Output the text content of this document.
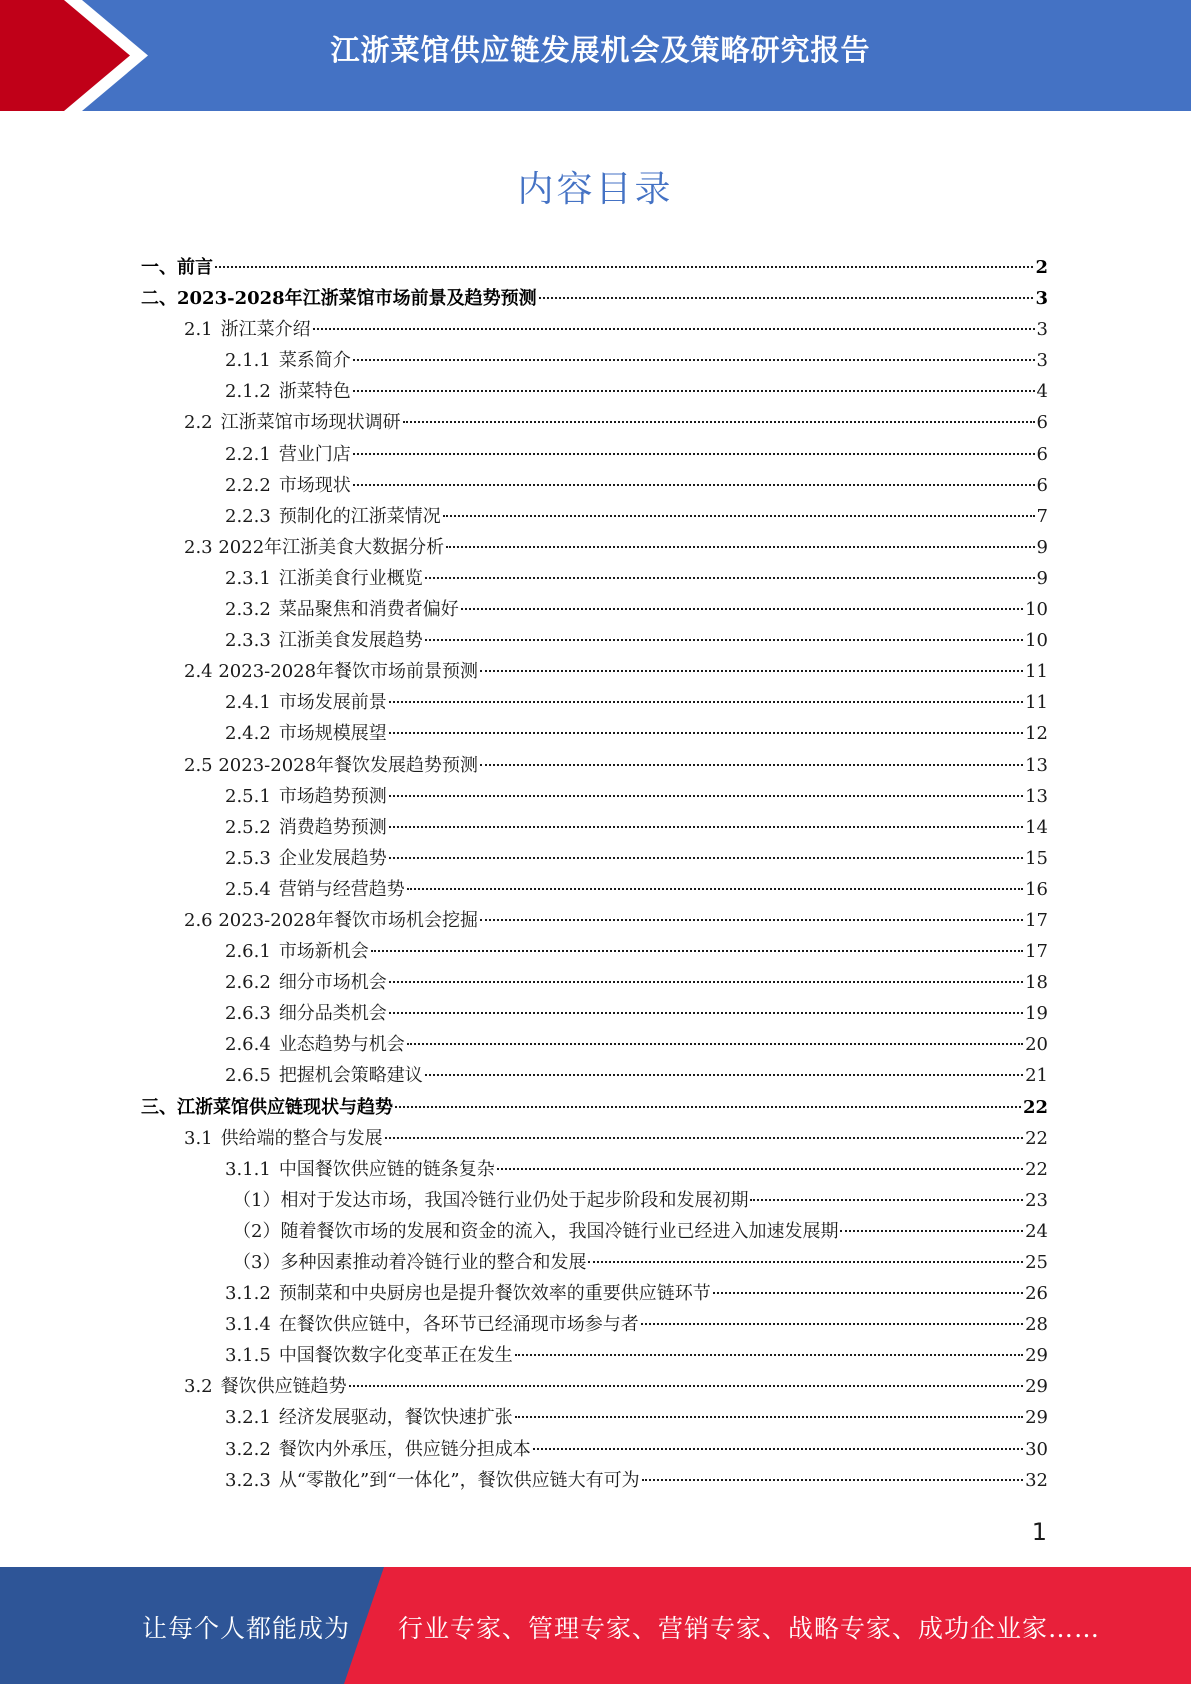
江浙菜馆供应链发展机会及策略研究报告
内容目录
一、前言	2
二、2023-2028年江浙菜馆市场前景及趋势预测	3
2.1 浙江菜介绍	3
2.1.1 菜系简介	3
2.1.2 浙菜特色	4
2.2 江浙菜馆市场现状调研	6
2.2.1 营业门店	6
2.2.2 市场现状	6
2.2.3 预制化的江浙菜情况	7
2.3 2022年江浙美食大数据分析	9
2.3.1 江浙美食行业概览	9
2.3.2 菜品聚焦和消费者偏好	10
2.3.3 江浙美食发展趋势	10
2.4 2023-2028年餐饮市场前景预测	11
2.4.1 市场发展前景	11
2.4.2 市场规模展望	12
2.5 2023-2028年餐饮发展趋势预测	13
2.5.1 市场趋势预测	13
2.5.2 消费趋势预测	14
2.5.3 企业发展趋势	15
2.5.4 营销与经营趋势	16
2.6 2023-2028年餐饮市场机会挖掘	17
2.6.1 市场新机会	17
2.6.2 细分市场机会	18
2.6.3 细分品类机会	19
2.6.4 业态趋势与机会	20
2.6.5 把握机会策略建议	21
三、江浙菜馆供应链现状与趋势	22
3.1 供给端的整合与发展	22
3.1.1 中国餐饮供应链的链条复杂	22
（1）相对于发达市场，我国冷链行业仍处于起步阶段和发展初期	23
（2）随着餐饮市场的发展和资金的流入，我国冷链行业已经进入加速发展期	24
（3）多种因素推动着冷链行业的整合和发展	25
3.1.2 预制菜和中央厨房也是提升餐饮效率的重要供应链环节	26
3.1.4 在餐饮供应链中，各环节已经涌现市场参与者	28
3.1.5 中国餐饮数字化变革正在发生	29
3.2 餐饮供应链趋势	29
3.2.1 经济发展驱动，餐饮快速扩张	29
3.2.2 餐饮内外承压，供应链分担成本	30
3.2.3 从“零散化”到“一体化”，餐饮供应链大有可为	32
1
让每个人都能成为 行业专家、管理专家、营销专家、战略专家、成功企业家……
